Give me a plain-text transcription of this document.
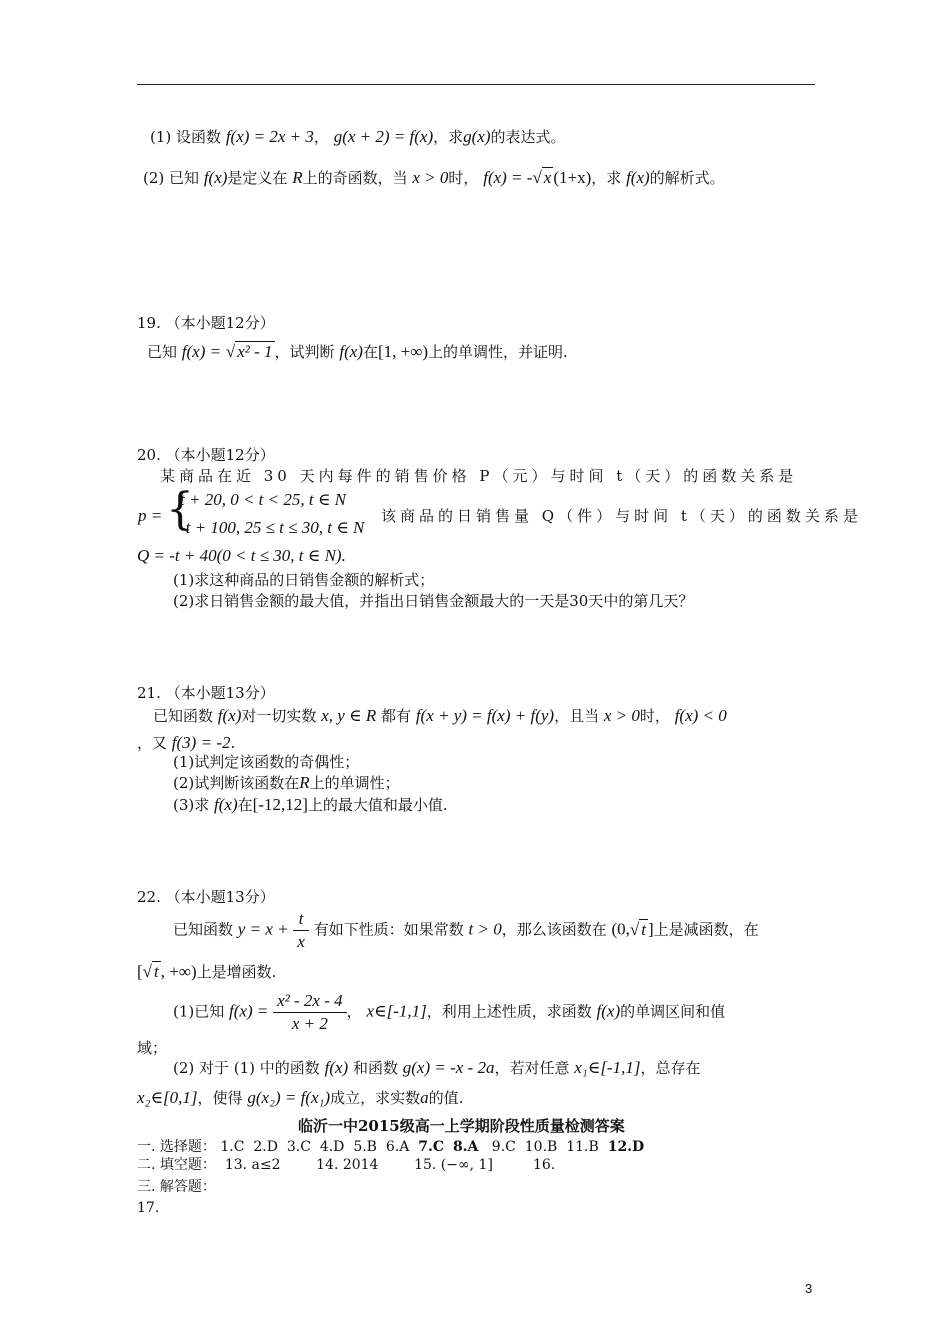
(1) 设函数 f(x) = 2x + 3， g(x + 2) = f(x)，求g(x)的表达式。
(2) 已知 f(x)是定义在 R上的奇函数，当 x > 0时， f(x) = -√ x (1+x)，求 f(x)的解析式。
19. （本小题12分）
已知 f(x) = √ x² - 1 ，试判断 f(x)在[1, +∞)上的单调性，并证明.
20. （本小题12分）
某商品在近 30 天内每件的销售价格 P（元）与时间 t（天）的函数关系是
p = {
t + 20, 0 < t < 25, t ∈ N
-t + 100, 25 ≤ t ≤ 30, t ∈ N
该商品的日销售量 Q（件）与时间 t（天）的函数关系是
Q = -t + 40(0 < t ≤ 30, t ∈ N).
(1)求这种商品的日销售金额的解析式；
(2)求日销售金额的最大值，并指出日销售金额最大的一天是30天中的第几天？
21. （本小题13分）
已知函数 f(x)对一切实数 x, y ∈ R 都有 f(x + y) = f(x) + f(y)，且当 x > 0时， f(x) < 0
，又 f(3) = -2.
(1)试判定该函数的奇偶性；
(2)试判断该函数在R上的单调性；
(3)求 f(x)在[-12,12]上的最大值和最小值.
22. （本小题13分）
已知函数 $y = x + \frac{t}{x}$ 有如下性质：如果常数 t > 0，那么该函数在 (0,√ t ]上是减函数，在
[√ t , +∞)上是增函数.
(1)已知 $f(x) = \frac{\text{x² - 2x - 4}}{x + 2}$ ， x∈[-1,1]，利用上述性质，求函数 f(x)的单调区间和值
域；
(2) 对于 (1) 中的函数 f(x) 和函数 g(x) = -x - 2a，若对任意 x₁∈[-1,1]，总存在
x₂∈[0,1]，使得 g(x₂) = f(x₁)成立，求实数a的值.
临沂一中2015级高一上学期阶段性质量检测答案
一. 选择题： 1.C 2.D 3.C 4.D 5.B 6.A 7.C 8.A 9.C 10.B 11.B 12.D
二. 填空题： 13. a≤2	14. 2014	15. (−∞, 1]	16.
三. 解答题：
17.
3
